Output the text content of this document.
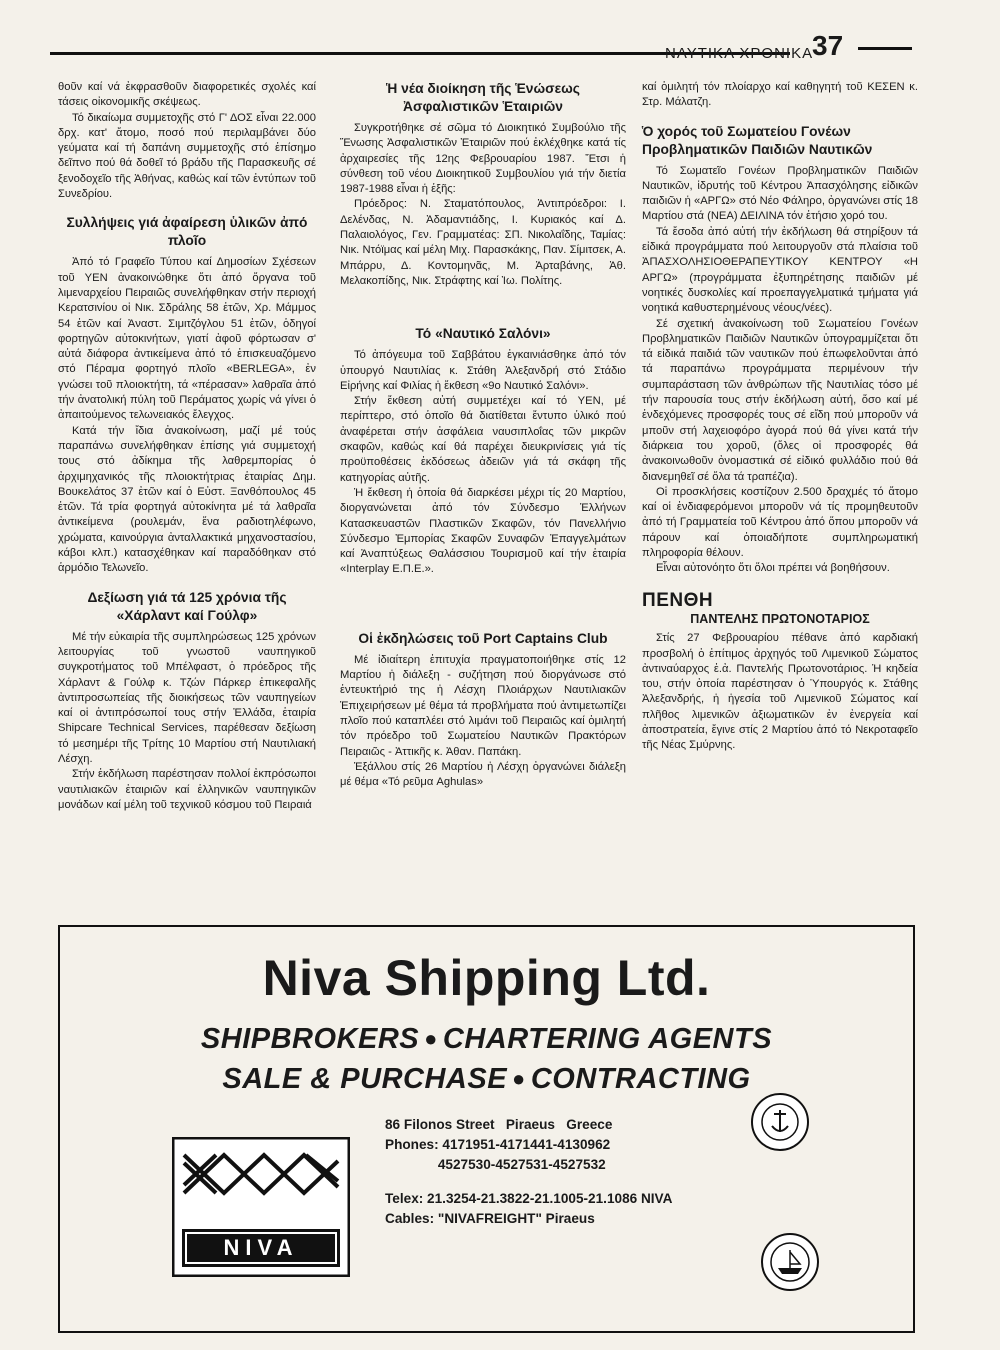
ΝΑΥΤΙΚΑ ΧΡΟΝΙΚΑ
37

θοῦν καί νά ἐκφρασθοῦν διαφορετικές σχολές καί τάσεις οἰκονομικῆς σκέψεως.

Τό δικαίωμα συμμετοχῆς στό Γ' ΔΟΣ εἶναι 22.000 δρχ. κατ' ἄτομο, ποσό πού περιλαμβάνει δύο γεύματα καί τή δαπάνη συμμετοχῆς στό ἐπίσημο δεῖπνο πού θά δοθεῖ τό βράδυ τῆς Παρασκευῆς σέ ξενοδοχεῖο τῆς Ἀθήνας, καθώς καί τῶν ἐντύπων τοῦ Συνεδρίου.

Συλλήψεις γιά ἀφαίρεση ὑλικῶν ἀπό πλοῖο

Ἀπό τό Γραφεῖο Τύπου καί Δημοσίων Σχέσεων τοῦ ΥΕΝ ἀνακοινώθηκε ὅτι ἀπό ὄργανα τοῦ λιμεναρχείου Πειραιῶς συνελήφθηκαν στήν περιοχή Κερατσινίου οἱ Νικ. Σδράλης 58 ἐτῶν, Χρ. Μάμμος 54 ἐτῶν καί Ἀναστ. Σιμιτζόγλου 51 ἐτῶν, ὁδηγοί φορτηγῶν αὐτοκινήτων, γιατί ἀφοῦ φόρτωσαν σ' αὐτά διάφορα ἀντικείμενα ἀπό τό ἐπισκευαζόμενο στό Πέραμα φορτηγό πλοῖο «BERLEGA», ἐν γνώσει τοῦ πλοιοκτήτη, τά «πέρασαν» λαθραῖα ἀπό τήν ἀνατολική πύλη τοῦ Περάματος χωρίς νά γίνει ὁ ἀπαιτούμενος τελωνειακός ἔλεγχος.

Κατά τήν ἴδια ἀνακοίνωση, μαζί μέ τούς παραπάνω συνελήφθηκαν ἐπίσης γιά συμμετοχή τους στό ἀδίκημα τῆς λαθρεμπορίας ὁ ἀρχιμηχανικός τῆς πλοιοκτήτριας ἑταιρίας Δημ. Βουκελάτος 37 ἐτῶν καί ὁ Εὐστ. Ξανθόπουλος 45 ἐτῶν. Τά τρία φορτηγά αὐτοκίνητα μέ τά λαθραῖα ἀντικείμενα (ρουλεμάν, ἕνα ραδιοτηλέφωνο, χρώματα, καινούργια ἀνταλλακτικά μηχανοστασίου, κάβοι κλπ.) κατασχέθηκαν καί παραδόθηκαν στό ἁρμόδιο Τελωνεῖο.

Δεξίωση γιά τά 125 χρόνια τῆς «Χάρλαντ καί Γούλφ»

Μέ τήν εὐκαιρία τῆς συμπληρώσεως 125 χρόνων λειτουργίας τοῦ γνωστοῦ ναυπηγικοῦ συγκροτήματος τοῦ Μπέλφαστ, ὁ πρόεδρος τῆς Χάρλαντ & Γούλφ κ. Τζών Πάρκερ ἐπικεφαλῆς ἀντιπροσωπείας τῆς διοικήσεως τῶν ναυπηγείων καί οἱ ἀντιπρόσωποί τους στήν Ἑλλάδα, ἑταιρία Shipcare Technical Services, παρέθεσαν δεξίωση τό μεσημέρι τῆς Τρίτης 10 Μαρτίου στή Ναυτιλιακή Λέσχη.

Στήν ἐκδήλωση παρέστησαν πολλοί ἐκπρόσωποι ναυτιλιακῶν ἑταιριῶν καί ἑλληνικῶν ναυπηγικῶν μονάδων καί μέλη τοῦ τεχνικοῦ κόσμου τοῦ Πειραιά

Ἡ νέα διοίκηση τῆς Ἑνώσεως Ἀσφαλιστικῶν Ἑταιριῶν

Συγκροτήθηκε σέ σῶμα τό Διοικητικό Συμβούλιο τῆς Ἕνωσης Ἀσφαλιστικῶν Ἑταιριῶν πού ἐκλέχθηκε κατά τίς ἀρχαιρεσίες τῆς 12ης Φεβρουαρίου 1987. Ἔτσι ἡ σύνθεση τοῦ νέου Διοικητικοῦ Συμβουλίου γιά τήν διετία 1987-1988 εἶναι ἡ ἑξῆς:

Πρόεδρος: Ν. Σταματόπουλος, Ἀντιπρόεδροι: Ι. Δελένδας, Ν. Ἀδαμαντιάδης, Ι. Κυριακός καί Δ. Παλαιολόγος, Γεν. Γραμματέας: ΣΠ. Νικολαΐδης, Ταμίας: Νικ. Ντόϊμας καί μέλη Μιχ. Παρασκάκης, Παν. Σίμιτσεκ, Α. Μπάρρυ, Δ. Κοντομηνᾶς, Μ. Ἀρταβάνης, Ἀθ. Μελακοπίδης, Νικ. Στράφτης καί Ἰω. Πολίτης.

Τό «Ναυτικό Σαλόνι»

Τό ἀπόγευμα τοῦ Σαββάτου ἐγκαινιάσθηκε ἀπό τόν ὑπουργό Ναυτιλίας κ. Στάθη Ἀλεξανδρή στό Στάδιο Εἰρήνης καί Φιλίας ἡ ἔκθεση «9ο Ναυτικό Σαλόνι».

Στήν ἔκθεση αὐτή συμμετέχει καί τό ΥΕΝ, μέ περίπτερο, στό ὁποῖο θά διατίθεται ἔντυπο ὑλικό πού ἀναφέρεται στήν ἀσφάλεια ναυσιπλοΐας τῶν μικρῶν σκαφῶν, καθώς καί θά παρέχει διευκρινίσεις γιά τίς προϋποθέσεις ἐκδόσεως ἀδειῶν γιά τά σκάφη τῆς κατηγορίας αὐτῆς.

Ἡ ἔκθεση ἡ ὁποία θά διαρκέσει μέχρι τίς 20 Μαρτίου, διοργανώνεται ἀπό τόν Σύνδεσμο Ἑλλήνων Κατασκευαστῶν Πλαστικῶν Σκαφῶν, τόν Πανελλήνιο Σύνδεσμο Ἐμπορίας Σκαφῶν Συναφῶν Ἐπαγγελμάτων καί Ἀναπτύξεως Θαλάσσιου Τουρισμοῦ καί τήν ἑταιρία «Interplay Ε.Π.Ε.».

Οἱ ἐκδηλώσεις τοῦ Port Captains Club

Μέ ἰδιαίτερη ἐπιτυχία πραγματοποιήθηκε στίς 12 Μαρτίου ἡ διάλεξη - συζήτηση πού διοργάνωσε στό ἐντευκτήριό της ἡ Λέσχη Πλοιάρχων Ναυτιλιακῶν Ἐπιχειρήσεων μέ θέμα τά προβλήματα πού ἀντιμετωπίζει πλοῖο πού καταπλέει στό λιμάνι τοῦ Πειραιῶς καί ὁμιλητή τόν πρόεδρο τοῦ Σωματείου Ναυτικῶν Πρακτόρων Πειραιῶς - Ἀττικῆς κ. Ἀθαν. Παπάκη.

Ἐξάλλου στίς 26 Μαρτίου ἡ Λέσχη ὀργανώνει διάλεξη μέ θέμα «Τό ρεῦμα Aghulas»

καί ὁμιλητή τόν πλοίαρχο καί καθηγητή τοῦ ΚΕΣΕΝ κ. Στρ. Μάλατζη.

Ὁ χορός τοῦ Σωματείου Γονέων Προβληματικῶν Παιδιῶν Ναυτικῶν

Τό Σωματεῖο Γονέων Προβληματικῶν Παιδιῶν Ναυτικῶν, ἱδρυτής τοῦ Κέντρου Ἀπασχόλησης εἰδικῶν παιδιῶν ἡ «ΑΡΓΩ» στό Νέο Φάληρο, ὀργανώνει στίς 18 Μαρτίου στά (ΝΕΑ) ΔΕΙΛΙΝΑ τόν ἐτήσιο χορό του.

Τά ἔσοδα ἀπό αὐτή τήν ἐκδήλωση θά στηρίξουν τά εἰδικά προγράμματα πού λειτουργοῦν στά πλαίσια τοῦ ἈΠΑΣΧΟΛΗΣΙΟΘΕΡΑΠΕΥΤΙΚΟΥ ΚΕΝΤΡΟΥ «Η ΑΡΓΩ» (προγράμματα ἐξυπηρέτησης παιδιῶν μέ νοητικές δυσκολίες καί προεπαγγελματικά τμήματα γιά νοητικά καθυστερημένους νέους/νέες).

Σέ σχετική ἀνακοίνωση τοῦ Σωματείου Γονέων Προβληματικῶν Παιδιῶν Ναυτικῶν ὑπογραμμίζεται ὅτι τά εἰδικά παιδιά τῶν ναυτικῶν πού ἐπωφελοῦνται ἀπό τά παραπάνω προγράμματα περιμένουν τήν συμπαράσταση τῶν ἀνθρώπων τῆς Ναυτιλίας τόσο μέ τήν παρουσία τους στήν ἐκδήλωση αὐτή, ὅσο καί μέ ἐνδεχόμενες προσφορές τους σέ εἴδη πού μποροῦν νά μποῦν στή λαχειοφόρο ἀγορά πού θά γίνει κατά τήν διάρκεια του χοροῦ, (ὅλες οἱ προσφορές θά ἀνακοινωθοῦν ὀνομαστικά σέ εἰδικό φυλλάδιο πού θά διανεμηθεῖ σέ ὅλα τά τραπέζια).

Οἱ προσκλήσεις κοστίζουν 2.500 δραχμές τό ἄτομο καί οἱ ἐνδιαφερόμενοι μποροῦν νά τίς προμηθευτοῦν ἀπό τή Γραμματεία τοῦ Κέντρου ἀπό ὅπου μποροῦν νά πάρουν καί ὁποιαδήποτε συμπληρωματική πληροφορία θέλουν.

Εἶναι αὐτονόητο ὅτι ὅλοι πρέπει νά βοηθήσουν.

ΠΕΝΘΗ
ΠΑΝΤΕΛΗΣ ΠΡΩΤΟΝΟΤΑΡΙΟΣ

Στίς 27 Φεβρουαρίου πέθανε ἀπό καρδιακή προσβολή ὁ ἐπίτιμος ἀρχηγός τοῦ Λιμενικοῦ Σώματος ἀντιναύαρχος ἐ.ἀ. Παντελής Πρωτονοτάριος. Ἡ κηδεία του, στήν ὁποία παρέστησαν ὁ Ὑπουργός κ. Στάθης Ἀλεξανδρής, ἡ ἡγεσία τοῦ Λιμενικοῦ Σώματος καί πλῆθος λιμενικῶν ἀξιωματικῶν ἐν ἐνεργεία καί ἀποστρατεία, ἔγινε στίς 2 Μαρτίου ἀπό τό Νεκροταφεῖο τῆς Νέας Σμύρνης.

Niva Shipping Ltd.
SHIPBROKERS ● CHARTERING AGENTS
SALE & PURCHASE ● CONTRACTING
NIVA
86 Filonos Street   Piraeus   Greece
Phones: 4171951-4171441-4130962
4527530-4527531-4527532
Telex: 21.3254-21.3822-21.1005-21.1086 NIVA
Cables: "NIVAFREIGHT" Piraeus
